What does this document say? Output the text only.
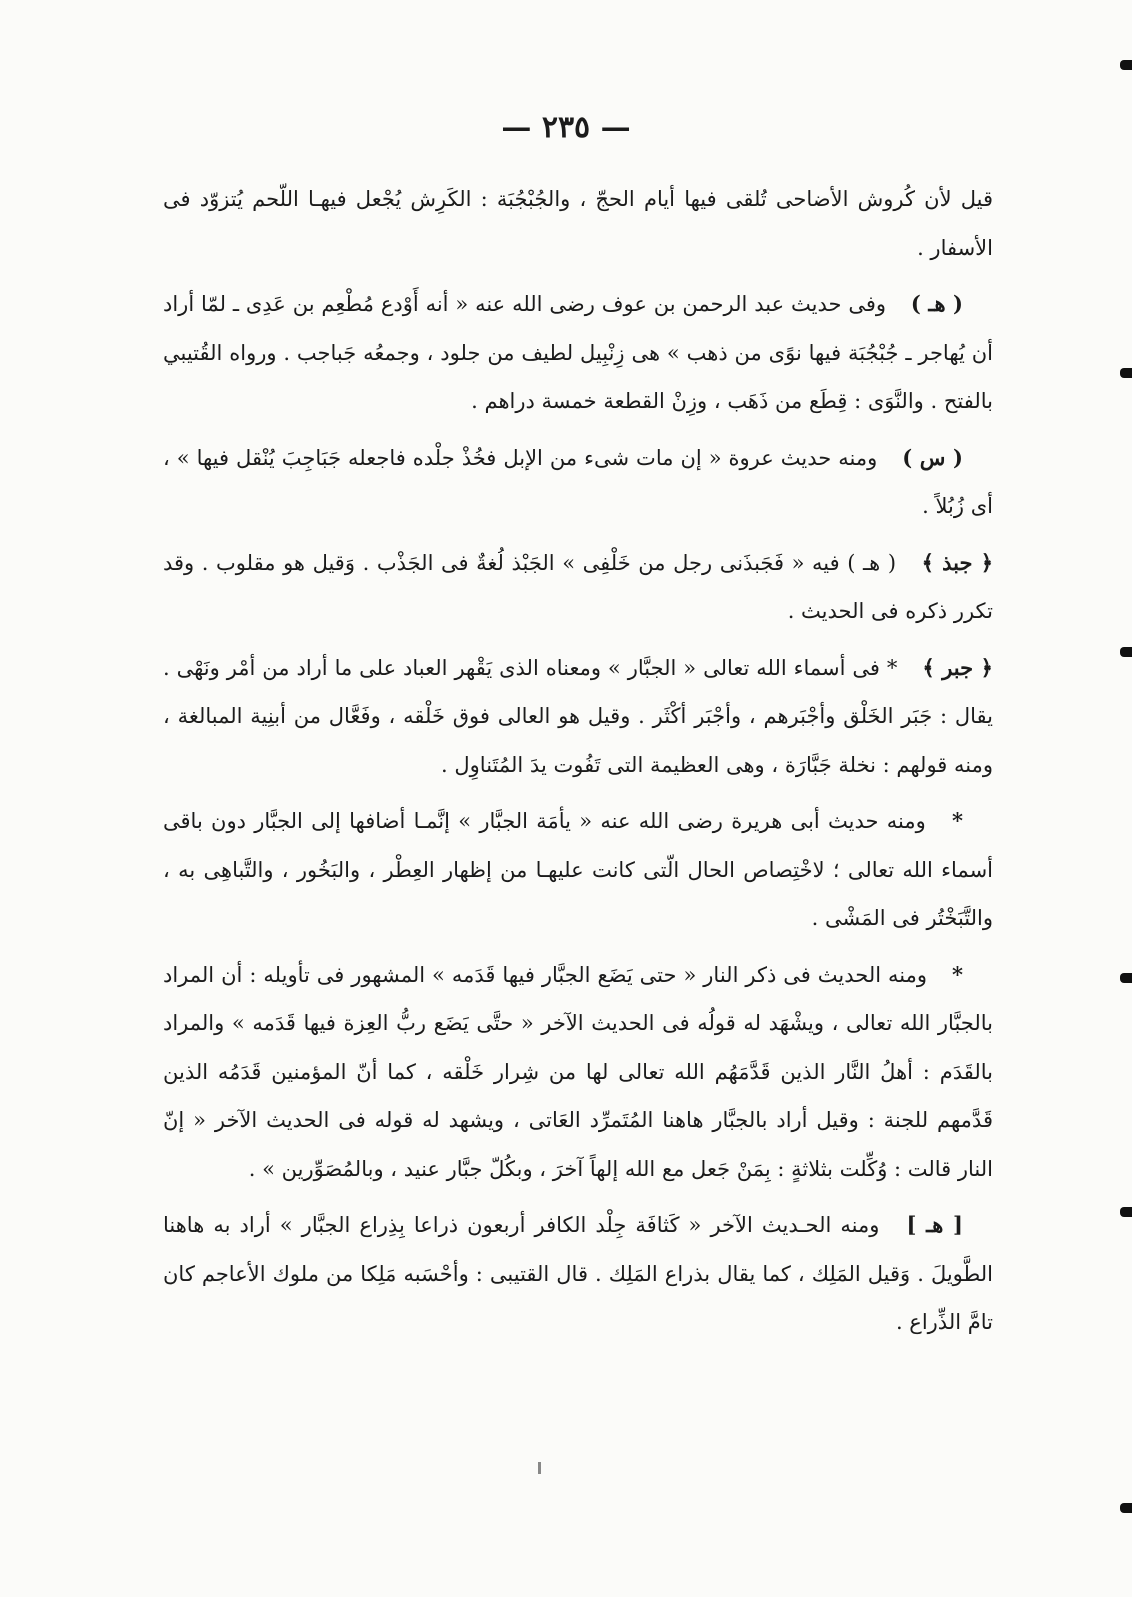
— ٢٣٥ —

قيل لأن كُروش الأضاحى تُلقى فيها أيام الحجّ ، والجُبْجُبَة : الكَرِش يُجْعل فيهـا اللّحم يُتزوّد فى الأسفار .

( هـ ) وفى حديث عبد الرحمن بن عوف رضى الله عنه « أنه أَوْدع مُطْعِم بن عَدِى ـ لمّا أراد أن يُهاجر ـ جُبْجُبَة فيها نوًى من ذهب » هى زِنْبِيل لطيف من جلود ، وجمعُه جَباجب . ورواه القُتيبي بالفتح . والنَّوَى : قِطَع من ذَهَب ، وزِنْ القطعة خمسة دراهم .

( س ) ومنه حديث عروة « إن مات شىء من الإبل فخُذْ جلْده فاجعله جَبَاجِبَ يُنْقل فيها » ، أى زُبُلاً .

﴿ جبذ ﴾ ( هـ ) فيه « فَجَبذَنى رجل من خَلْفِى » الجَبْذ لُغةٌ فى الجَذْب . وَقيل هو مقلوب . وقد تكرر ذكره فى الحديث .

﴿ جبر ﴾ * فى أسماء الله تعالى « الجبَّار » ومعناه الذى يَقْهر العباد على ما أراد من أمْر ونَهْى . يقال : جَبَر الخَلْق وأجْبَرهم ، وأجْبَر أكْثَر . وقيل هو العالى فوق خَلْقه ، وفَعَّال من أبنِية المبالغة ، ومنه قولهم : نخلة جَبَّارَة ، وهى العظيمة التى تَفُوت يدَ المُتَناوِل .

* ومنه حديث أبى هريرة رضى الله عنه « يأمَة الجبَّار » إنَّمـا أضافها إلى الجبَّار دون باقى أسماء الله تعالى ؛ لاخْتِصاص الحال الّتى كانت عليهـا من إظهار العِطْر ، والبَخُور ، والتَّباهِى به ، والتَّبَخْتُر فى المَشْى .

* ومنه الحديث فى ذكر النار « حتى يَضَع الجبَّار فيها قَدَمه » المشهور فى تأويله : أن المراد بالجبَّار الله تعالى ، ويشْهَد له قولُه فى الحديث الآخر « حتَّى يَضَع ربُّ العِزة فيها قَدَمه » والمراد بالقَدَم : أهلُ النَّار الذين قَدَّمَهُم الله تعالى لها من شِرار خَلْقه ، كما أنّ المؤمنين قَدَمُه الذين قَدَّمهم للجنة : وقيل أراد بالجبَّار هاهنا المُتَمرِّد العَاتى ، ويشهد له قوله فى الحديث الآخر « إنّ النار قالت : وُكِّلت بثلاثةٍ : بِمَنْ جَعل مع الله إلهاً آخرَ ، وبكُلّ جبَّار عنيد ، وبالمُصَوِّرين » .

[ هـ ] ومنه الحـديث الآخر « كَثافَة جِلْد الكافر أربعون ذراعا بِذِراع الجبَّار » أراد به هاهنا الطَّويلَ . وَقيل المَلِك ، كما يقال بذراع المَلِك . قال القتيبى : وأحْسَبه مَلِكا من ملوك الأعاجم كان تامَّ الذِّراع .
